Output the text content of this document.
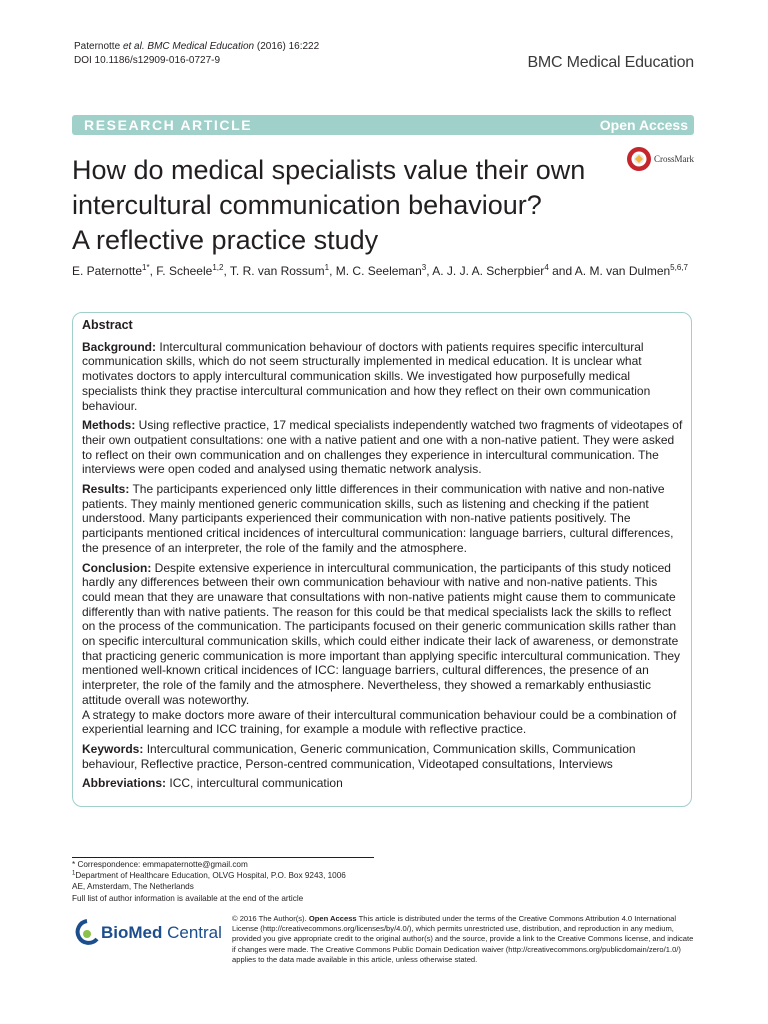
Paternotte et al. BMC Medical Education (2016) 16:222
DOI 10.1186/s12909-016-0727-9	BMC Medical Education
RESEARCH ARTICLE	Open Access
How do medical specialists value their own
intercultural communication behaviour?
A reflective practice study
CrossMark
E. Paternotte$^{1*}$, F. Scheele$^{1,2}$, T. R. van Rossum$^1$, M. C. Seeleman$^3$, A. J. J. A. Scherpbier$^4$ and A. M. van Dulmen$^{5,6,7}$
Abstract

Background: Intercultural communication behaviour of doctors with patients requires specific intercultural communication skills, which do not seem structurally implemented in medical education. It is unclear what motivates doctors to apply intercultural communication skills. We investigated how purposefully medical specialists think they practise intercultural communication and how they reflect on their own communication behaviour.

Methods: Using reflective practice, 17 medical specialists independently watched two fragments of videotapes of their own outpatient consultations: one with a native patient and one with a non-native patient. They were asked to reflect on their own communication and on challenges they experience in intercultural communication. The interviews were open coded and analysed using thematic network analysis.

Results: The participants experienced only little differences in their communication with native and non-native patients. They mainly mentioned generic communication skills, such as listening and checking if the patient understood. Many participants experienced their communication with non-native patients positively. The participants mentioned critical incidences of intercultural communication: language barriers, cultural differences, the presence of an interpreter, the role of the family and the atmosphere.

Conclusion: Despite extensive experience in intercultural communication, the participants of this study noticed hardly any differences between their own communication behaviour with native and non-native patients. This could mean that they are unaware that consultations with non-native patients might cause them to communicate differently than with native patients. The reason for this could be that medical specialists lack the skills to reflect on the process of the communication. The participants focused on their generic communication skills rather than on specific intercultural communication skills, which could either indicate their lack of awareness, or demonstrate that practicing generic communication is more important than applying specific intercultural communication. They mentioned well-known critical incidences of ICC: language barriers, cultural differences, the presence of an interpreter, the role of the family and the atmosphere. Nevertheless, they showed a remarkably enthusiastic attitude overall was noteworthy.

A strategy to make doctors more aware of their intercultural communication behaviour could be a combination of experiential learning and ICC training, for example a module with reflective practice.

Keywords: Intercultural communication, Generic communication, Communication skills, Communication behaviour, Reflective practice, Person-centred communication, Videotaped consultations, Interviews

Abbreviations: ICC, intercultural communication

* Correspondence: emmapaternotte@gmail.com
$^1$Department of Healthcare Education, OLVG Hospital, P.O. Box 9243, 1006
AE, Amsterdam, The Netherlands
Full list of author information is available at the end of the article
BioMed Central
© 2016 The Author(s). Open Access This article is distributed under the terms of the Creative Commons Attribution 4.0 International License (http://creativecommons.org/licenses/by/4.0/), which permits unrestricted use, distribution, and reproduction in any medium, provided you give appropriate credit to the original author(s) and the source, provide a link to the Creative Commons license, and indicate if changes were made. The Creative Commons Public Domain Dedication waiver (http://creativecommons.org/publicdomain/zero/1.0/) applies to the data made available in this article, unless otherwise stated.
